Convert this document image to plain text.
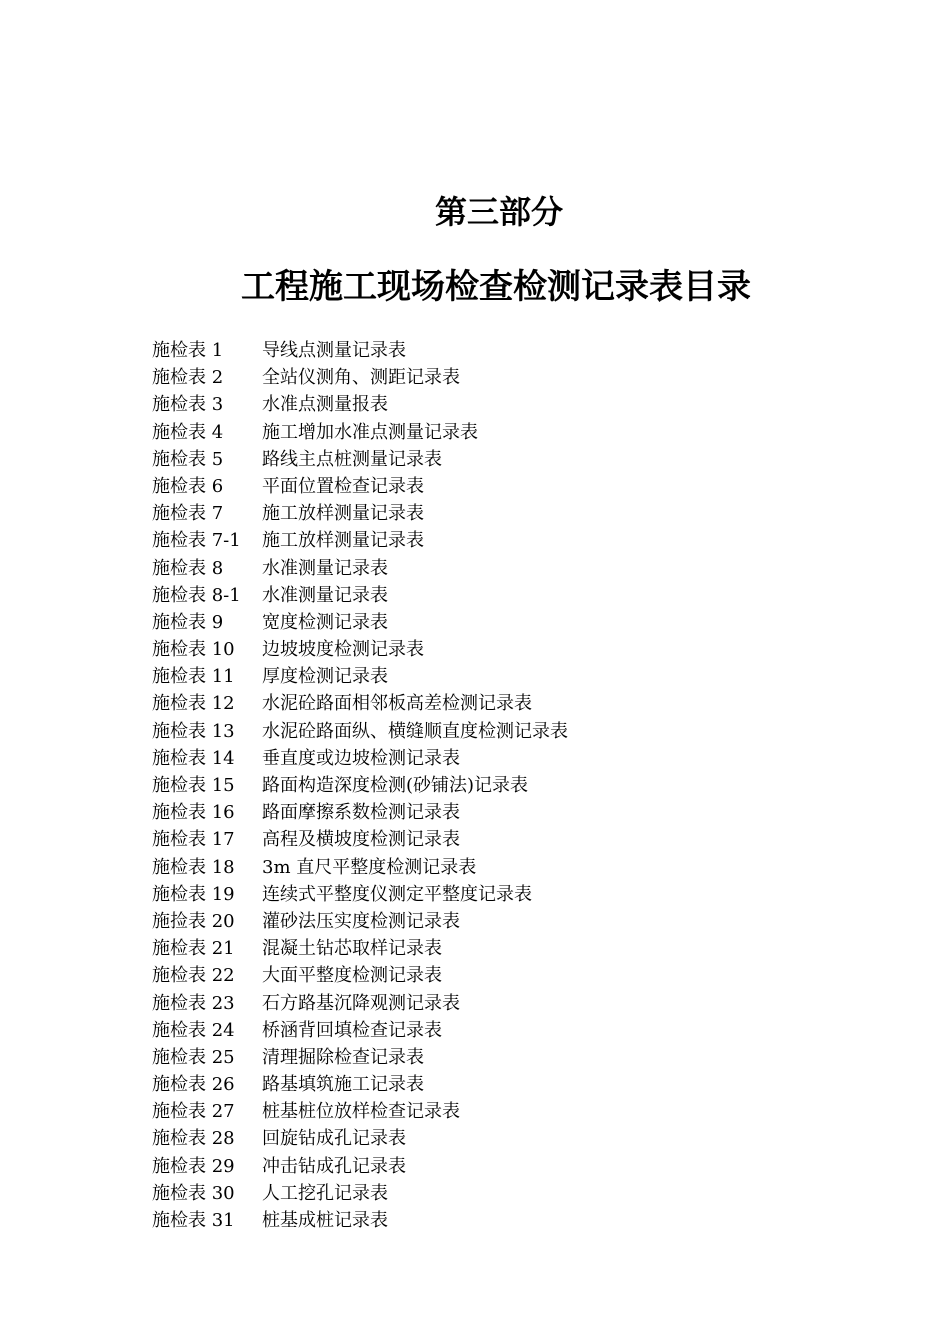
第三部分
工程施工现场检查检测记录表目录
施检表 1	导线点测量记录表
施检表 2	全站仪测角、测距记录表
施检表 3	水准点测量报表
施检表 4	施工增加水准点测量记录表
施检表 5	路线主点桩测量记录表
施检表 6	平面位置检查记录表
施检表 7	施工放样测量记录表
施检表 7-1	施工放样测量记录表
施检表 8	水准测量记录表
施检表 8-1	水准测量记录表
施检表 9	宽度检测记录表
施检表 10	边坡坡度检测记录表
施检表 11	厚度检测记录表
施检表 12	水泥砼路面相邻板高差检测记录表
施检表 13	水泥砼路面纵、横缝顺直度检测记录表
施检表 14	垂直度或边坡检测记录表
施检表 15	路面构造深度检测(砂铺法)记录表
施检表 16	路面摩擦系数检测记录表
施检表 17	高程及横坡度检测记录表
施检表 18	3m 直尺平整度检测记录表
施检表 19	连续式平整度仪测定平整度记录表
施捡表 20	灌砂法压实度检测记录表
施检表 21	混凝土钻芯取样记录表
施检表 22	大面平整度检测记录表
施检表 23	石方路基沉降观测记录表
施检表 24	桥涵背回填检查记录表
施检表 25	清理掘除检查记录表
施检表 26	路基填筑施工记录表
施检表 27	桩基桩位放样检查记录表
施检表 28	回旋钻成孔记录表
施检表 29	冲击钻成孔记录表
施检表 30	人工挖孔记录表
施检表 31	桩基成桩记录表
